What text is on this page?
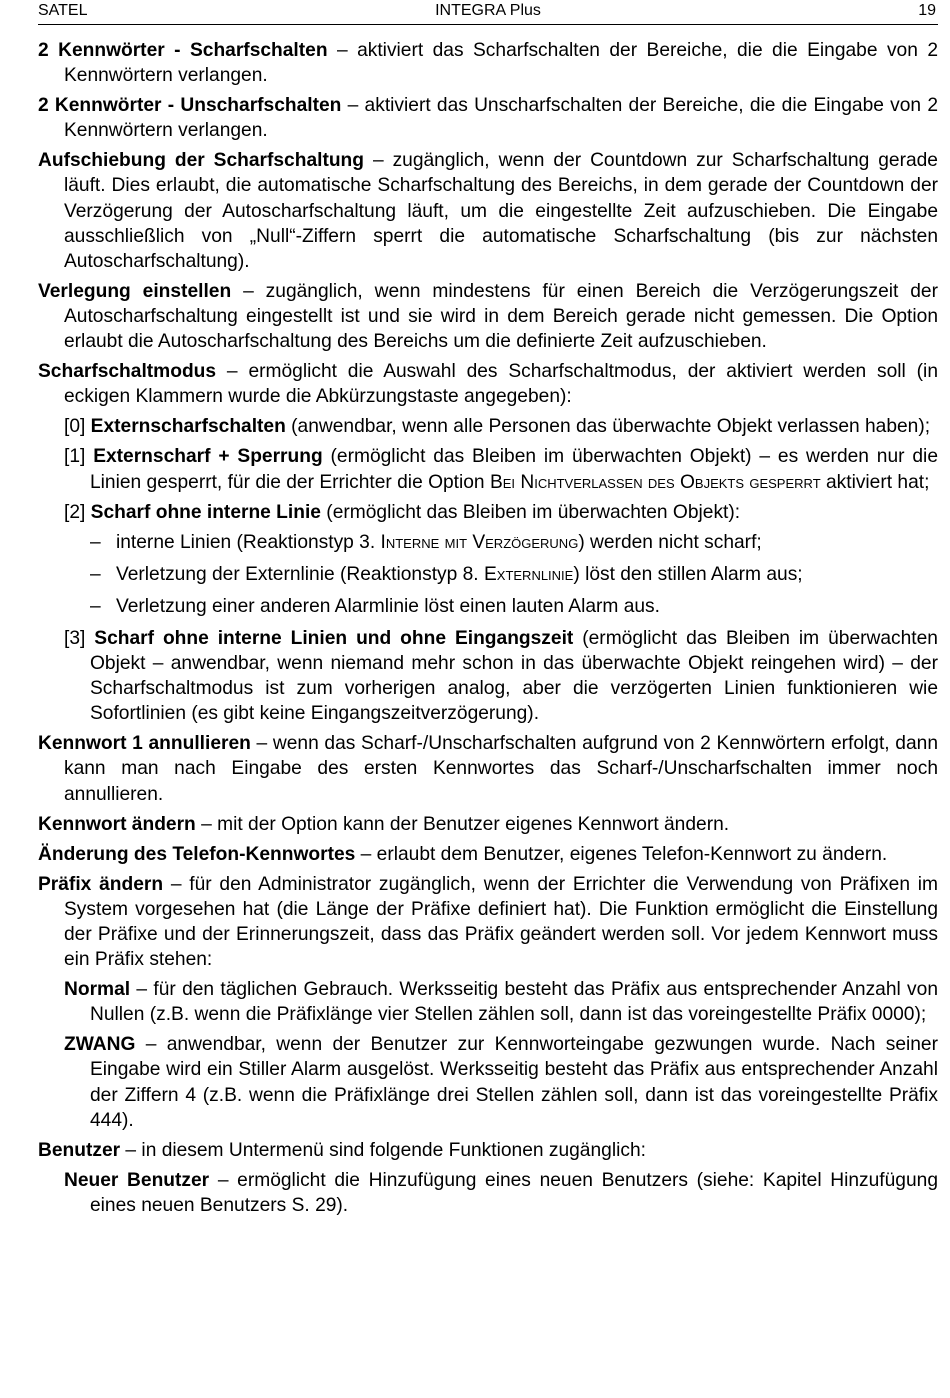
SATEL	INTEGRA Plus	19

2 Kennwörter - Scharfschalten – aktiviert das Scharfschalten der Bereiche, die die Eingabe von 2 Kennwörtern verlangen.

2 Kennwörter - Unscharfschalten – aktiviert das Unscharfschalten der Bereiche, die die Eingabe von 2 Kennwörtern verlangen.

Aufschiebung der Scharfschaltung – zugänglich, wenn der Countdown zur Scharfschaltung gerade läuft. Dies erlaubt, die automatische Scharfschaltung des Bereichs, in dem gerade der Countdown der Verzögerung der Autoscharfschaltung läuft, um die eingestellte Zeit aufzuschieben. Die Eingabe ausschließlich von „Null“-Ziffern sperrt die automatische Scharfschaltung (bis zur nächsten Autoscharfschaltung).

Verlegung einstellen – zugänglich, wenn mindestens für einen Bereich die Verzögerungszeit der Autoscharfschaltung eingestellt ist und sie wird in dem Bereich gerade nicht gemessen. Die Option erlaubt die Autoscharfschaltung des Bereichs um die definierte Zeit aufzuschieben.

Scharfschaltmodus – ermöglicht die Auswahl des Scharfschaltmodus, der aktiviert werden soll (in eckigen Klammern wurde die Abkürzungstaste angegeben):

[0] Externscharfschalten (anwendbar, wenn alle Personen das überwachte Objekt verlassen haben);

[1] Externscharf + Sperrung (ermöglicht das Bleiben im überwachten Objekt) – es werden nur die Linien gesperrt, für die der Errichter die Option Bei Nichtverlassen des Objekts gesperrt aktiviert hat;

[2] Scharf ohne interne Linie (ermöglicht das Bleiben im überwachten Objekt):

– interne Linien (Reaktionstyp 3. Interne mit Verzögerung) werden nicht scharf;
– Verletzung der Externlinie (Reaktionstyp 8. Externlinie) löst den stillen Alarm aus;
– Verletzung einer anderen Alarmlinie löst einen lauten Alarm aus.

[3] Scharf ohne interne Linien und ohne Eingangszeit (ermöglicht das Bleiben im überwachten Objekt – anwendbar, wenn niemand mehr schon in das überwachte Objekt reingehen wird) – der Scharfschaltmodus ist zum vorherigen analog, aber die verzögerten Linien funktionieren wie Sofortlinien (es gibt keine Eingangszeitverzögerung).

Kennwort 1 annullieren – wenn das Scharf-/Unscharfschalten aufgrund von 2 Kennwörtern erfolgt, dann kann man nach Eingabe des ersten Kennwortes das Scharf-/Unscharfschalten immer noch annullieren.

Kennwort ändern – mit der Option kann der Benutzer eigenes Kennwort ändern.

Änderung des Telefon-Kennwortes – erlaubt dem Benutzer, eigenes Telefon-Kennwort zu ändern.

Präfix ändern – für den Administrator zugänglich, wenn der Errichter die Verwendung von Präfixen im System vorgesehen hat (die Länge der Präfixe definiert hat). Die Funktion ermöglicht die Einstellung der Präfixe und der Erinnerungszeit, dass das Präfix geändert werden soll. Vor jedem Kennwort muss ein Präfix stehen:

Normal – für den täglichen Gebrauch. Werksseitig besteht das Präfix aus entsprechender Anzahl von Nullen (z.B. wenn die Präfixlänge vier Stellen zählen soll, dann ist das voreingestellte Präfix 0000);

ZWANG – anwendbar, wenn der Benutzer zur Kennworteingabe gezwungen wurde. Nach seiner Eingabe wird ein Stiller Alarm ausgelöst. Werksseitig besteht das Präfix aus entsprechender Anzahl der Ziffern 4 (z.B. wenn die Präfixlänge drei Stellen zählen soll, dann ist das voreingestellte Präfix 444).

Benutzer – in diesem Untermenü sind folgende Funktionen zugänglich:

Neuer Benutzer – ermöglicht die Hinzufügung eines neuen Benutzers (siehe: Kapitel Hinzufügung eines neuen Benutzers S. 29).
